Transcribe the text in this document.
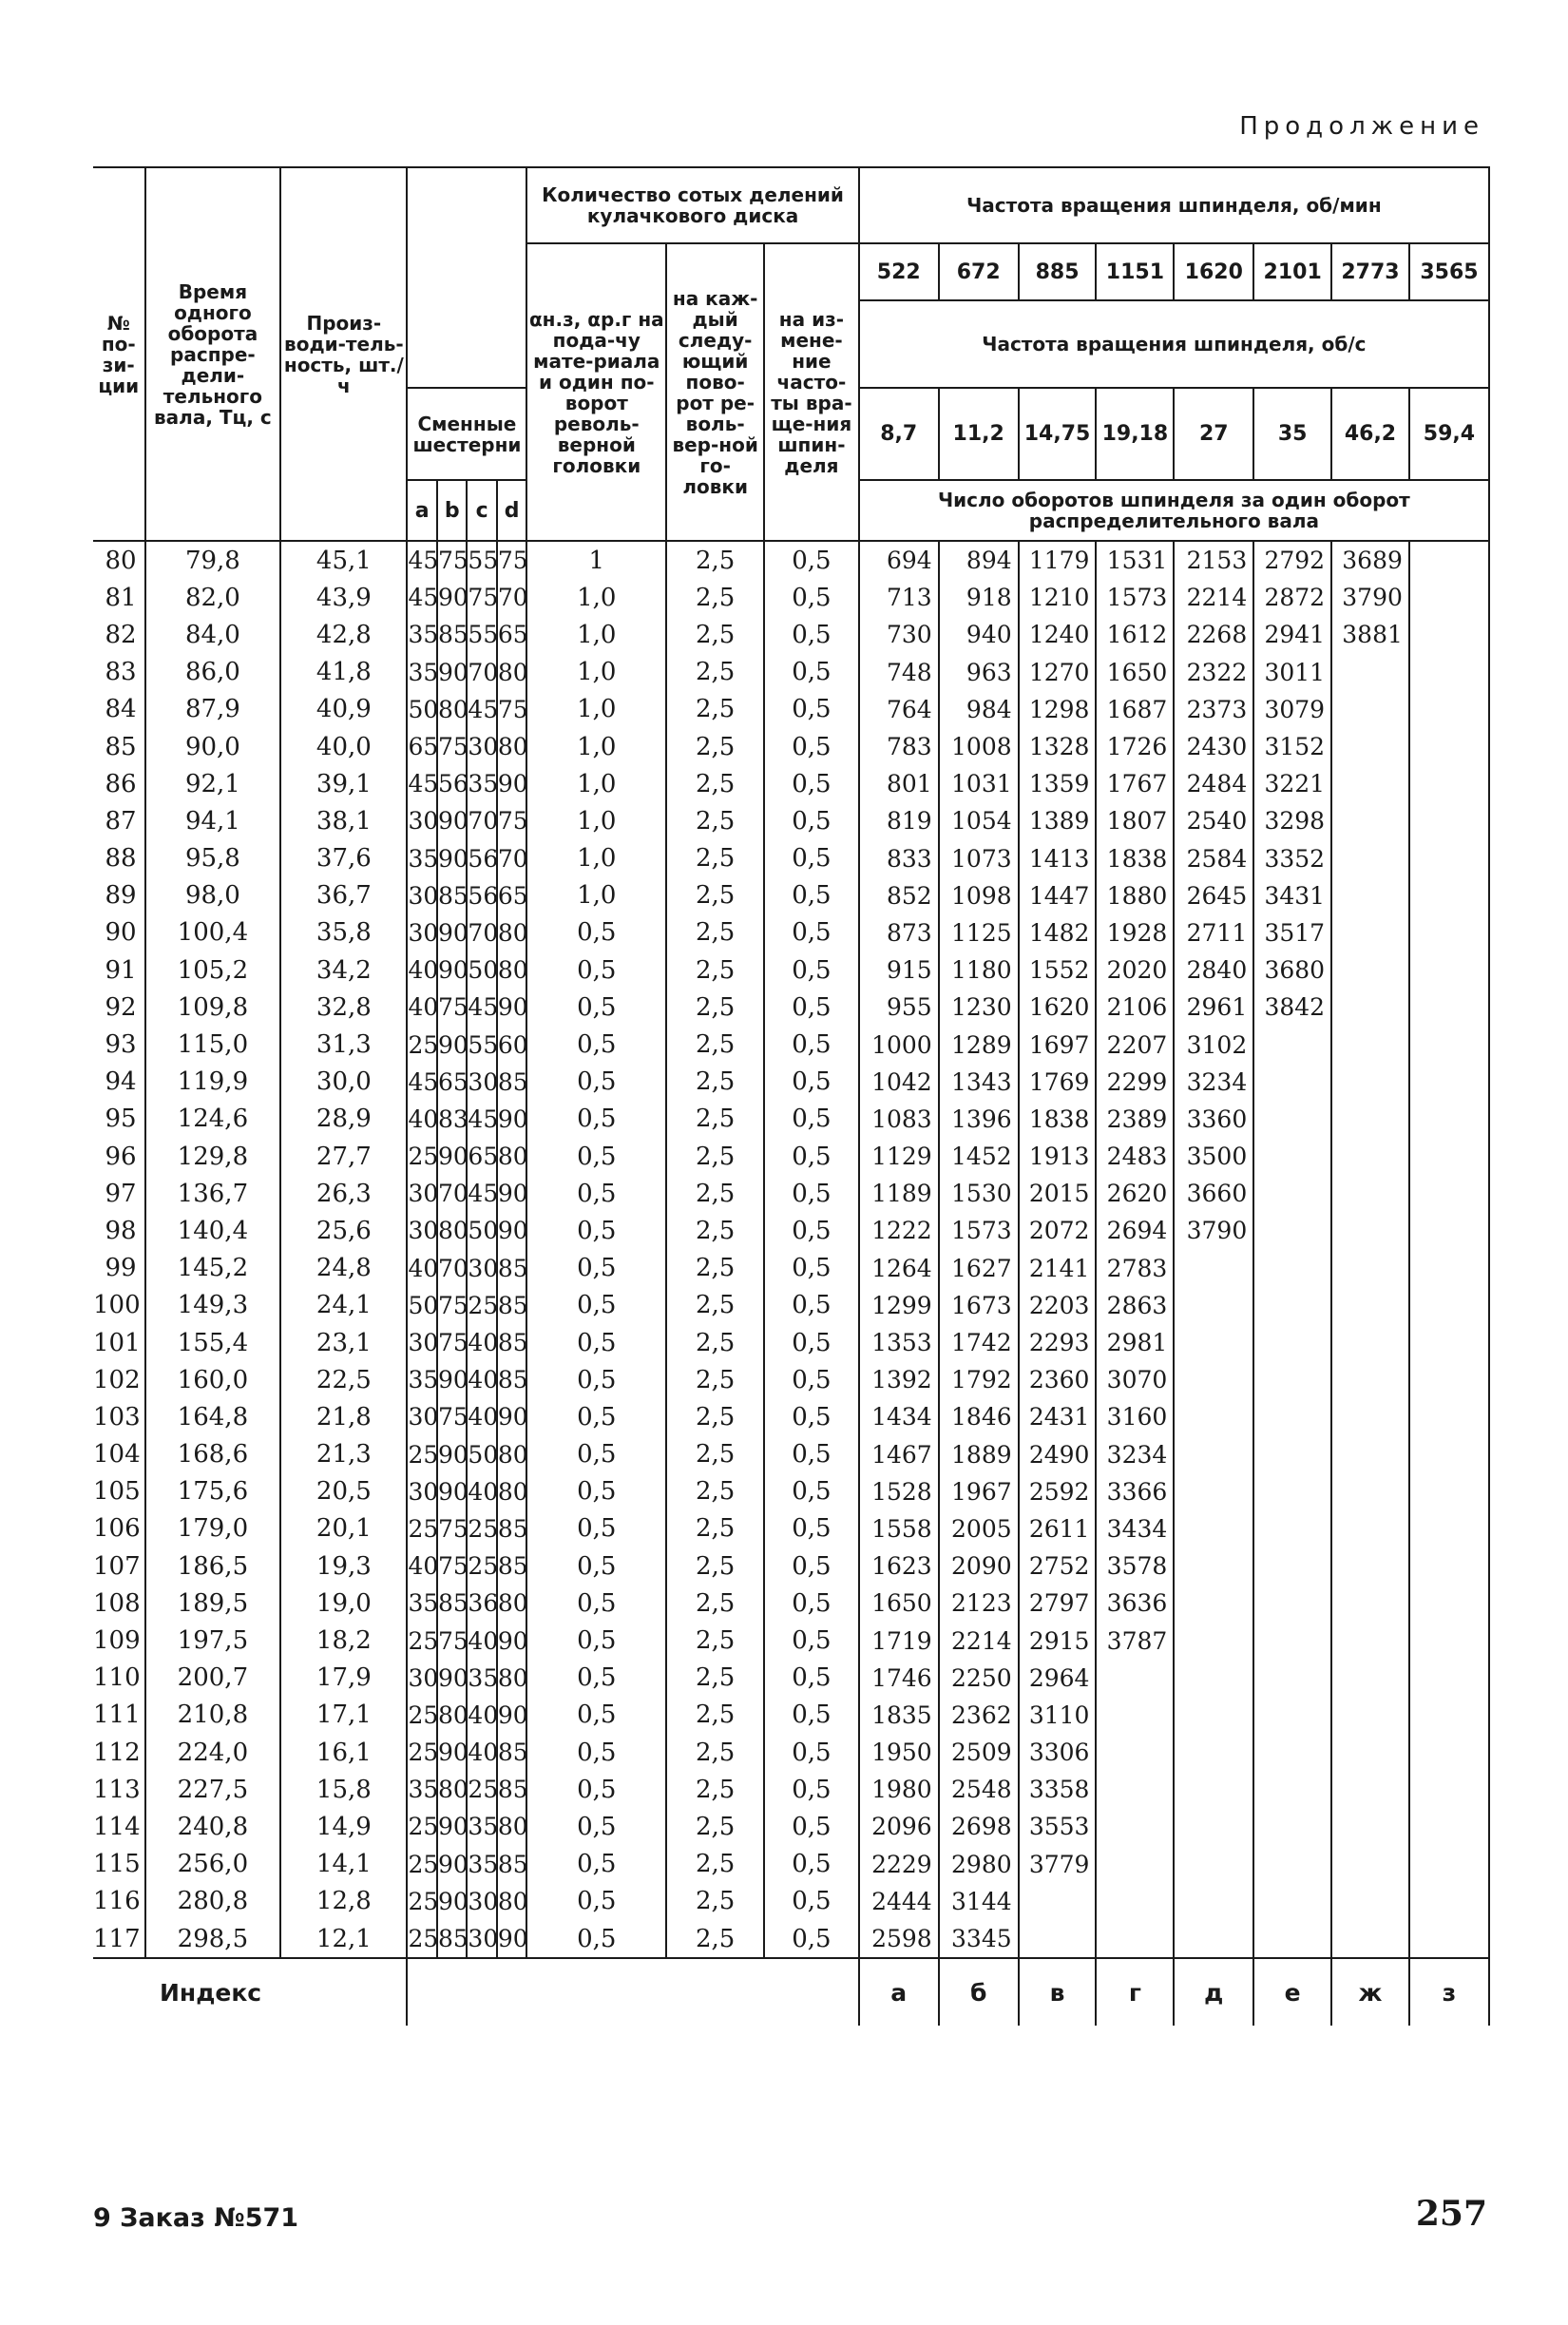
Продолжение
№ по-зи-ции	Время одного оборота распре-дели-тельного вала, Тц, с	Произ-води-тель-ность, шт./ч					Количество сотых делений кулачкового диска			Частота вращения шпинделя, об/мин							
							αн.з, αр.г на пода-чу мате-риала и один по-ворот револь-верной головки	на каж-дый следу-ющий пово-рот ре-воль-вер-ной го-ловки	на из-мене-ние часто-ты вра-ще-ния шпин-деля	522	672	885	1151	1620	2101	2773	3565
										Частота вращения шпинделя, об/с							
			Сменные шестерни							8,7	11,2	14,75	19,18	27	35	46,2	59,4
			a	b	c	d				Число оборотов шпинделя за один оборот распределительного вала							
80	79,8	45,1	45	75	55	75	1	2,5	0,5	694	894	1179	1531	2153	2792	3689	
81	82,0	43,9	45	90	75	70	1,0	2,5	0,5	713	918	1210	1573	2214	2872	3790	
82	84,0	42,8	35	85	55	65	1,0	2,5	0,5	730	940	1240	1612	2268	2941	3881	
83	86,0	41,8	35	90	70	80	1,0	2,5	0,5	748	963	1270	1650	2322	3011		
84	87,9	40,9	50	80	45	75	1,0	2,5	0,5	764	984	1298	1687	2373	3079		
85	90,0	40,0	65	75	30	80	1,0	2,5	0,5	783	1008	1328	1726	2430	3152		
86	92,1	39,1	45	56	35	90	1,0	2,5	0,5	801	1031	1359	1767	2484	3221		
87	94,1	38,1	30	90	70	75	1,0	2,5	0,5	819	1054	1389	1807	2540	3298		
88	95,8	37,6	35	90	56	70	1,0	2,5	0,5	833	1073	1413	1838	2584	3352		
89	98,0	36,7	30	85	56	65	1,0	2,5	0,5	852	1098	1447	1880	2645	3431		
90	100,4	35,8	30	90	70	80	0,5	2,5	0,5	873	1125	1482	1928	2711	3517		
91	105,2	34,2	40	90	50	80	0,5	2,5	0,5	915	1180	1552	2020	2840	3680		
92	109,8	32,8	40	75	45	90	0,5	2,5	0,5	955	1230	1620	2106	2961	3842		
93	115,0	31,3	25	90	55	60	0,5	2,5	0,5	1000	1289	1697	2207	3102			
94	119,9	30,0	45	65	30	85	0,5	2,5	0,5	1042	1343	1769	2299	3234			
95	124,6	28,9	40	83	45	90	0,5	2,5	0,5	1083	1396	1838	2389	3360			
96	129,8	27,7	25	90	65	80	0,5	2,5	0,5	1129	1452	1913	2483	3500			
97	136,7	26,3	30	70	45	90	0,5	2,5	0,5	1189	1530	2015	2620	3660			
98	140,4	25,6	30	80	50	90	0,5	2,5	0,5	1222	1573	2072	2694	3790			
99	145,2	24,8	40	70	30	85	0,5	2,5	0,5	1264	1627	2141	2783				
100	149,3	24,1	50	75	25	85	0,5	2,5	0,5	1299	1673	2203	2863				
101	155,4	23,1	30	75	40	85	0,5	2,5	0,5	1353	1742	2293	2981				
102	160,0	22,5	35	90	40	85	0,5	2,5	0,5	1392	1792	2360	3070				
103	164,8	21,8	30	75	40	90	0,5	2,5	0,5	1434	1846	2431	3160				
104	168,6	21,3	25	90	50	80	0,5	2,5	0,5	1467	1889	2490	3234				
105	175,6	20,5	30	90	40	80	0,5	2,5	0,5	1528	1967	2592	3366				
106	179,0	20,1	25	75	25	85	0,5	2,5	0,5	1558	2005	2611	3434				
107	186,5	19,3	40	75	25	85	0,5	2,5	0,5	1623	2090	2752	3578				
108	189,5	19,0	35	85	36	80	0,5	2,5	0,5	1650	2123	2797	3636				
109	197,5	18,2	25	75	40	90	0,5	2,5	0,5	1719	2214	2915	3787				
110	200,7	17,9	30	90	35	80	0,5	2,5	0,5	1746	2250	2964					
111	210,8	17,1	25	80	40	90	0,5	2,5	0,5	1835	2362	3110					
112	224,0	16,1	25	90	40	85	0,5	2,5	0,5	1950	2509	3306					
113	227,5	15,8	35	80	25	85	0,5	2,5	0,5	1980	2548	3358					
114	240,8	14,9	25	90	35	80	0,5	2,5	0,5	2096	2698	3553					
115	256,0	14,1	25	90	35	85	0,5	2,5	0,5	2229	2980	3779					
116	280,8	12,8	25	90	30	80	0,5	2,5	0,5	2444	3144						
117	298,5	12,1	25	85	30	90	0,5	2,5	0,5	2598	3345						
Индекс										а	б	в	г	д	е	ж	з
9 Заказ №571	257
